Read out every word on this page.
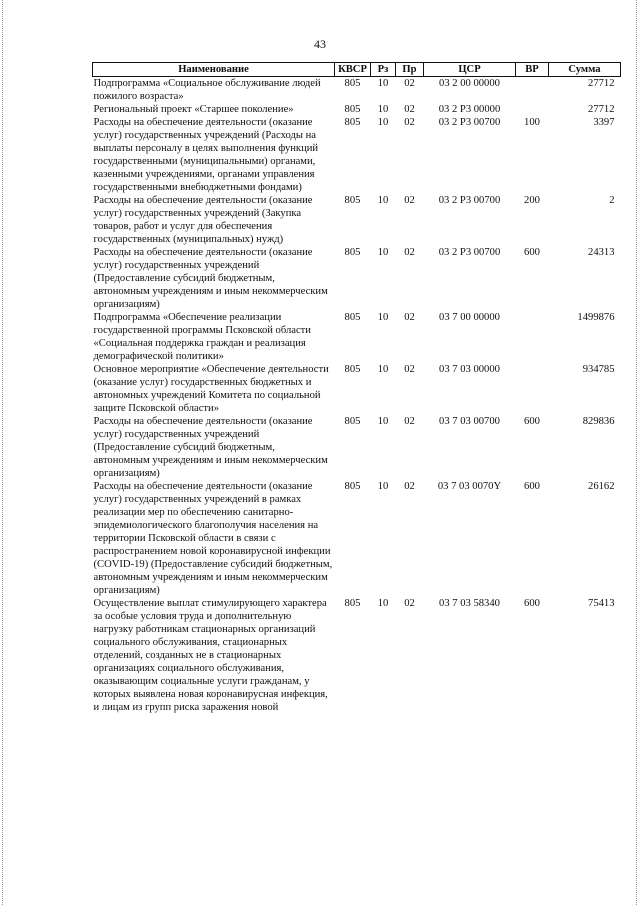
43
Наименование	КВСР	Рз	Пр	ЦСР	ВР	Сумма
Подпрограмма «Социальное обслуживание людей пожилого возраста»	805	10	02	03 2 00 00000		27712
Региональный проект «Старшее поколение»	805	10	02	03 2 P3 00000		27712
Расходы на обеспечение деятельности (оказание услуг) государственных учреждений (Расходы на выплаты персоналу в целях выполнения функций государственными (муниципальными) органами, казенными учреждениями, органами управления государственными внебюджетными фондами)	805	10	02	03 2 P3 00700	100	3397
Расходы на обеспечение деятельности (оказание услуг) государственных учреждений (Закупка товаров, работ и услуг для обеспечения государственных (муниципальных) нужд)	805	10	02	03 2 P3 00700	200	2
Расходы на обеспечение деятельности (оказание услуг) государственных учреждений (Предоставление субсидий бюджетным, автономным учреждениям и иным некоммерческим организациям)	805	10	02	03 2 P3 00700	600	24313
Подпрограмма «Обеспечение реализации государственной программы Псковской области «Социальная поддержка граждан и реализация демографической политики»	805	10	02	03 7 00 00000		1499876
Основное мероприятие «Обеспечение деятельности (оказание услуг) государственных бюджетных и автономных учреждений Комитета по социальной защите Псковской области»	805	10	02	03 7 03 00000		934785
Расходы на обеспечение деятельности (оказание услуг) государственных учреждений (Предоставление субсидий бюджетным, автономным учреждениям и иным некоммерческим организациям)	805	10	02	03 7 03 00700	600	829836
Расходы на обеспечение деятельности (оказание услуг) государственных учреждений в рамках реализации мер по обеспечению санитарно-эпидемиологического благополучия населения на территории Псковской области в связи с распространением новой коронавирусной инфекции (COVID-19) (Предоставление субсидий бюджетным, автономным учреждениям и иным некоммерческим организациям)	805	10	02	03 7 03 0070Y	600	26162
Осуществление выплат стимулирующего характера за особые условия труда и дополнительную нагрузку работникам стационарных организаций социального обслуживания, стационарных отделений, созданных не в стационарных организациях социального обслуживания, оказывающим социальные услуги гражданам, у которых выявлена новая коронавирусная инфекция, и лицам из групп риска заражения новой	805	10	02	03 7 03 58340	600	75413
